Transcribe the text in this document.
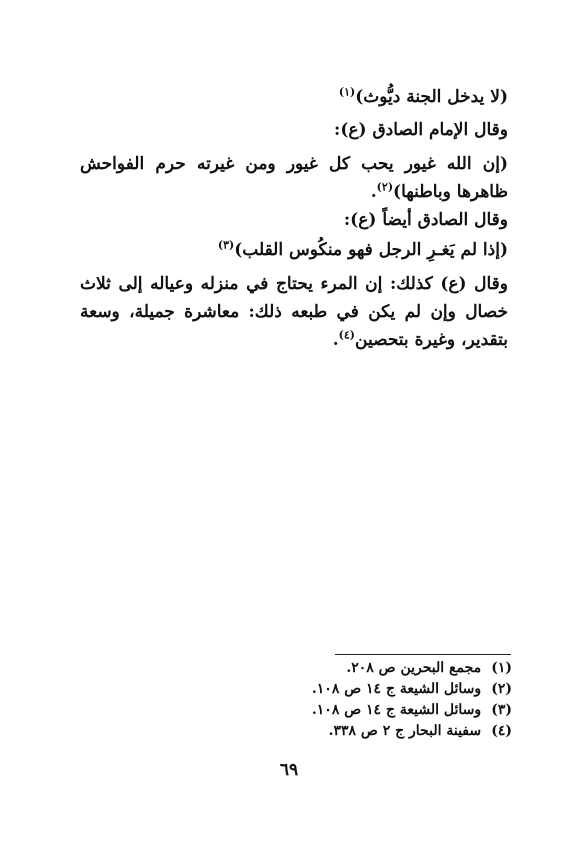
(لا يدخل الجنة ديُّوث)$^{(١)}$
وقال الإمام الصادق (ع):
(إن الله غيور يحب كل غيور ومن غيرته حرم الفواحش ظاهرها وباطنها)$^{(٢)}$.
وقال الصادق أيضاً (ع):
(إذا لم يَغـرِ الرجل فهو منكُوس القلب)$^{(٣)}$
وقال (ع) كذلك: إن المرء يحتاج في منزله وعياله إلى ثلاث خصال وإن لم يكن في طبعه ذلك: معاشرة جميلة، وسعة بتقدير، وغيرة بتحصين$^{(٤)}$.
(١) مجمع البحرين ص ٢٠٨.
(٢) وسائل الشيعة ج ١٤ ص ١٠٨.
(٣) وسائل الشيعة ج ١٤ ص ١٠٨.
(٤) سفينة البحار ج ٢ ص ٣٣٨.
٦٩
